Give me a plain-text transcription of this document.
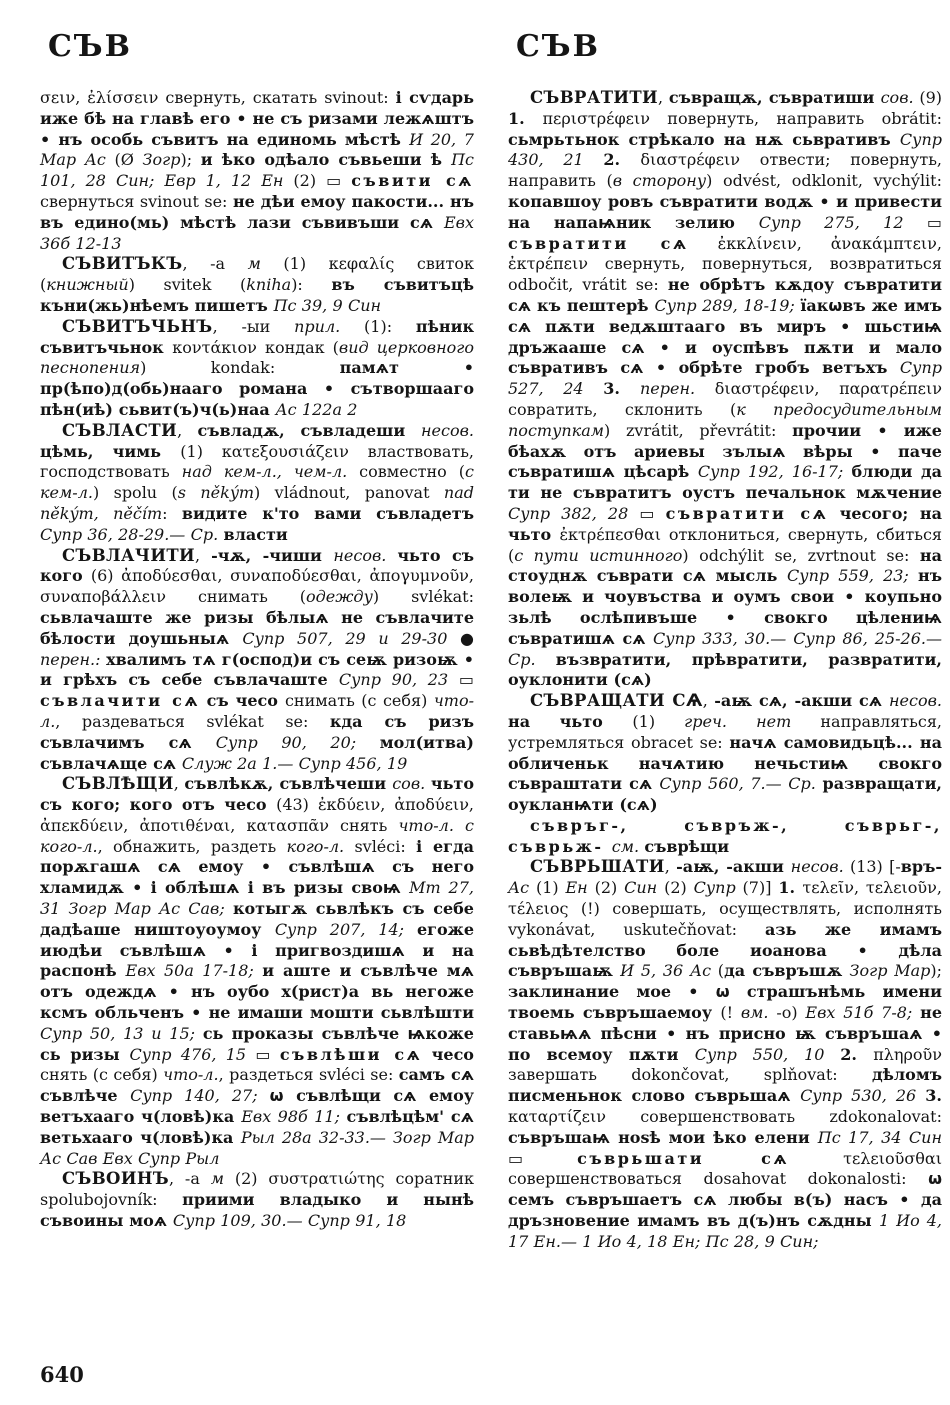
СЪВ

σειν, ἐλίσσειν свернуть, скатать svinout: і сѵдарь иже бѣ на главѣ его • не съ ризами лежѧштъ • нъ особь съвитъ на единомь мѣстѣ И 20, 7 Мар Ас (Ø Зогр); и ѣко одѣало съвьеши ѣ Пс 101, 28 Син; Евр 1, 12 Ен (2) ▭ съвити сѧ свернуться svinout se: не дѣи емоу пакости... нъ въ едино(мь) мѣстѣ лази съвивъши сѧ Евх 36б 12-13

СЪВИТЪКЪ, -а м (1) κεφαλίς свиток (книжный) svitek (kniha): въ съвитъцѣ къни(жь)нѣемъ пишетъ Пс 39, 9 Син

СЪВИТЪЧЬНЪ, -ыи прил. (1): пѣник съвитъчьнок κοντάκιον кондак (вид церковного песнопения) kondak: памѧт • пр(ѣпо)д(обь)нааго романа • сътворшааго пѣн(иѣ) сьвит(ъ)ч(ь)наа Ас 122а 2

СЪВЛАСТИ, съвладѫ, съвладеши несов. цѣмь, чимь (1) κατεξουσιάζειν властвовать, господствовать над кем-л., чем-л. совместно (с кем-л.) spolu (s někým) vládnout, panovat nad někým, něčím: видите к'то вами съвладетъ Супр 36, 28-29.— Ср. власти

СЪВЛАЧИТИ, -чѫ, -чиши несов. чьто съ кого (6) ἀποδύεσθαι, συναποδύεσθαι, ἀπογυμνοῦν, συναποβάλλειν снимать (одежду) svlékat: сьвлачаште же ризы бѣлыѧ не съвлачите бѣлости доушьныѧ Супр 507, 29 и 29-30 ● перен.: хвалимъ тѧ г(оспод)и съ сеѭ ризоѭ • и грѣхъ съ себе съвлачаште Супр 90, 23 ▭ съвлачити сѧ съ чесо снимать (с себя) что-л., раздеваться svlékat se: кда съ ризъ съвлачимъ сѧ Супр 90, 20; мол(итва) съвлачѧще сѧ Служ 2а 1.— Супр 456, 19

СЪВЛѢЩИ, съвлѣкѫ, съвлѣчеши сов. чьто съ кого; кого отъ чесо (43) ἐκδύειν, ἀποδύειν, ἀπεκδύειν, ἀποτιθέναι, κατασπᾶν снять что-л. с кого-л., обнажить, раздеть кого-л. svléci: і егда порѫгашѧ сѧ емоу • съвлѣшѧ съ него хламидѫ • і облѣшѧ і въ ризы своѩ Мт 27, 31 Зогр Мар Ас Сав; котыгѫ сьвлѣкъ съ себе дадѣаше ништоуоумоу Супр 207, 14; егоже июдѣи съвлѣшѧ • і пригвоздишѧ и на распонѣ Евх 50а 17-18; и аште и съвлѣче мѧ отъ одеждѧ • нъ оубо х(рист)а вь негоже ксмъ обльченъ • не имаши мошти сьвлѣшти Супр 50, 13 и 15; сь проказы съвлѣче ѩкоже сь ризы Супр 476, 15 ▭ съвлѣши сѧ чесо снять (с себя) что-л., раздеться svléci se: самъ сѧ съвлѣче Супр 140, 27; ѡ съвлѣщи сѧ емоу ветъхааго ч(ловѣ)ка Евх 98б 11; съвлѣцѣм' сѧ ветьхааго ч(ловѣ)ка Рыл 28а 32-33.— Зогр Мар Ас Сав Евх Супр Рыл

СЪВОИНЪ, -а м (2) συστρατιώτης соратник spolubojovník: приими владыко и нынѣ съвоины моѧ Супр 109, 30.— Супр 91, 18

СЪВ

СЪВРАТИТИ, съвращѫ, съвратиши сов. (9) 1. περιστρέφειν повернуть, направить obrátit: сьмрьтьнок стрѣкало на нѫ сьвративъ Супр 430, 21 2. διαστρέφειν отвести; повернуть, направить (в сторону) odvést, odklonit, vychýlit: копавшоу ровъ съвратити водѫ • и привести на напаѩник зелию Супр 275, 12 ▭ съвратити сѧ ἐκκλίνειν, ἀνακάμπτειν, ἐκτρέπειν свернуть, повернуться, возвратиться odbočit, vrátit se: не обрѣтъ кѫдоу съвратити сѧ къ пештерѣ Супр 289, 18-19; їакѡвъ же имъ сѧ пѫти ведѫштааго въ миръ • шьстиѩ дръжааше сѧ • и оуспѣвъ пѫти и мало съвративъ сѧ • обрѣте гробъ ветъхъ Супр 527, 24 3. перен. διαστρέφειν, παρατρέπειν совратить, склонить (к предосудительным поступкам) zvrátit, převrátit: прочии • иже бѣахѫ отъ ариевы зълыѧ вѣры • паче съвратишѧ цѣсарѣ Супр 192, 16-17; блюди да ти не съвратитъ оустъ печальнок мѫчение Супр 382, 28 ▭ съвратити сѧ чесого; на чьто ἐκτρέπεσθαι отклониться, свернуть, сбиться (с пути истинного) odchýlit se, zvrtnout se: на стоуднѫ съврати сѧ мысль Супр 559, 23; нъ волеѭ и чоувъства и оумъ свои • коупьно зьлѣ ослѣпивъше • свокго цѣлениѩ съвратишѧ сѧ Супр 333, 30.— Супр 86, 25-26.— Ср. възвратити, прѣвратити, развратити, оуклонити (сѧ)

СЪВРАЩАТИ СѦ, -аѭ сѧ, -акши сѧ несов. на чьто (1) греч. нет направляться, устремляться obracet se: начѧ самовидьцѣ... на обличеньк начѧтию нечьстиѩ свокго съвраштати сѧ Супр 560, 7.— Ср. развращати, оукланѩти (сѧ)

съвръг-, съвръж-, съврьг-, съврьж- см. съврѣщи

СЪВРЬШАТИ, -аѭ, -акши несов. (13) [-връ- Ас (1) Ен (2) Син (2) Супр (7)] 1. τελεῖν, τελειοῦν, τέλειος (!) совершать, осуществлять, исполнять vykonávat, uskutečňovat: азь же имамъ сьвѣдѣтелство боле иоанова • дѣла съвръшаѭ И 5, 36 Ас (да съвръшѫ Зогр Мар); заклинание мое • ѡ страшънѣмь имени твоемь съвръшаемоу (! вм. -о) Евх 51б 7-8; не ставьѩѧ пѣсни • нъ присно ѭ съвръшаѧ • по всемоу пѫти Супр 550, 10 2. πληροῦν завершать dokončovat, splňovat: дѣломъ писменьнок слово съврьшаѧ Супр 530, 26 3. καταρτίζειν совершенствовать zdokonalovat: съвръшаѩ ноѕѣ мои ѣко елени Пс 17, 34 Син ▭ съврьшати сѧ	τελειοῦσθαι совершенствоваться dosahovat dokonalosti: ѡ семъ съвръшаетъ сѧ любы в(ъ) насъ • да дръзновение имамъ въ д(ъ)нъ сѫдны 1 Ио 4, 17 Ен.— 1 Ио 4, 18 Ен; Пс 28, 9 Син;

640
